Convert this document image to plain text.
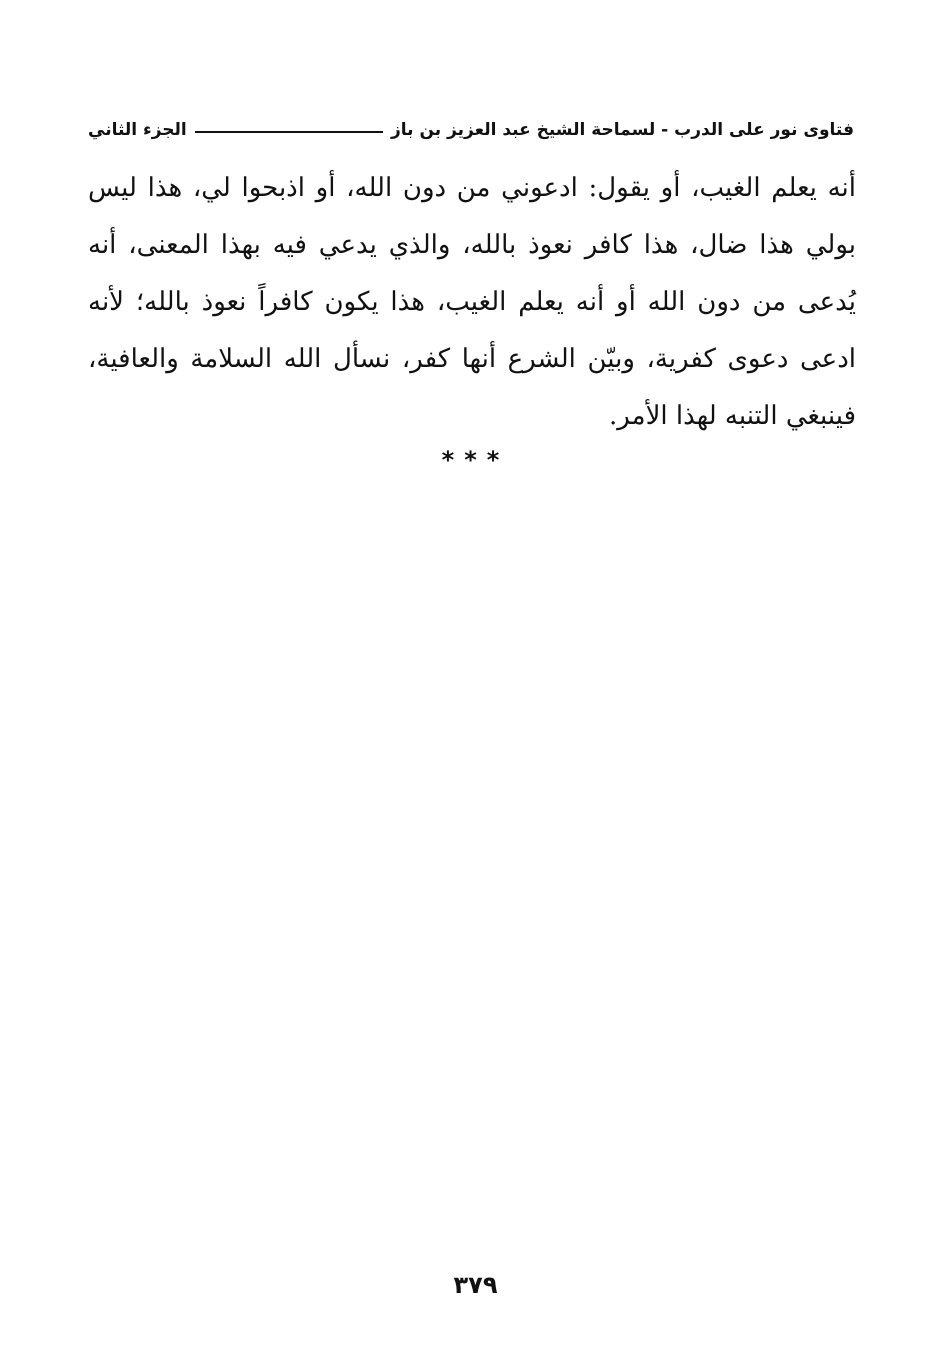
فتاوى نور على الدرب - لسماحة الشيخ عبد العزيز بن باز
الجزء الثاني

أنه يعلم الغيب، أو يقول: ادعوني من دون الله، أو اذبحوا لي، هذا ليس بولي هذا ضال، هذا كافر نعوذ بالله، والذي يدعي فيه بهذا المعنى، أنه يُدعى من دون الله أو أنه يعلم الغيب، هذا يكون كافراً نعوذ بالله؛ لأنه ادعى دعوى كفرية، وبيّن الشرع أنها كفر، نسأل الله السلامة والعافية، فينبغي التنبه لهذا الأمر.

***
٣٧٩
